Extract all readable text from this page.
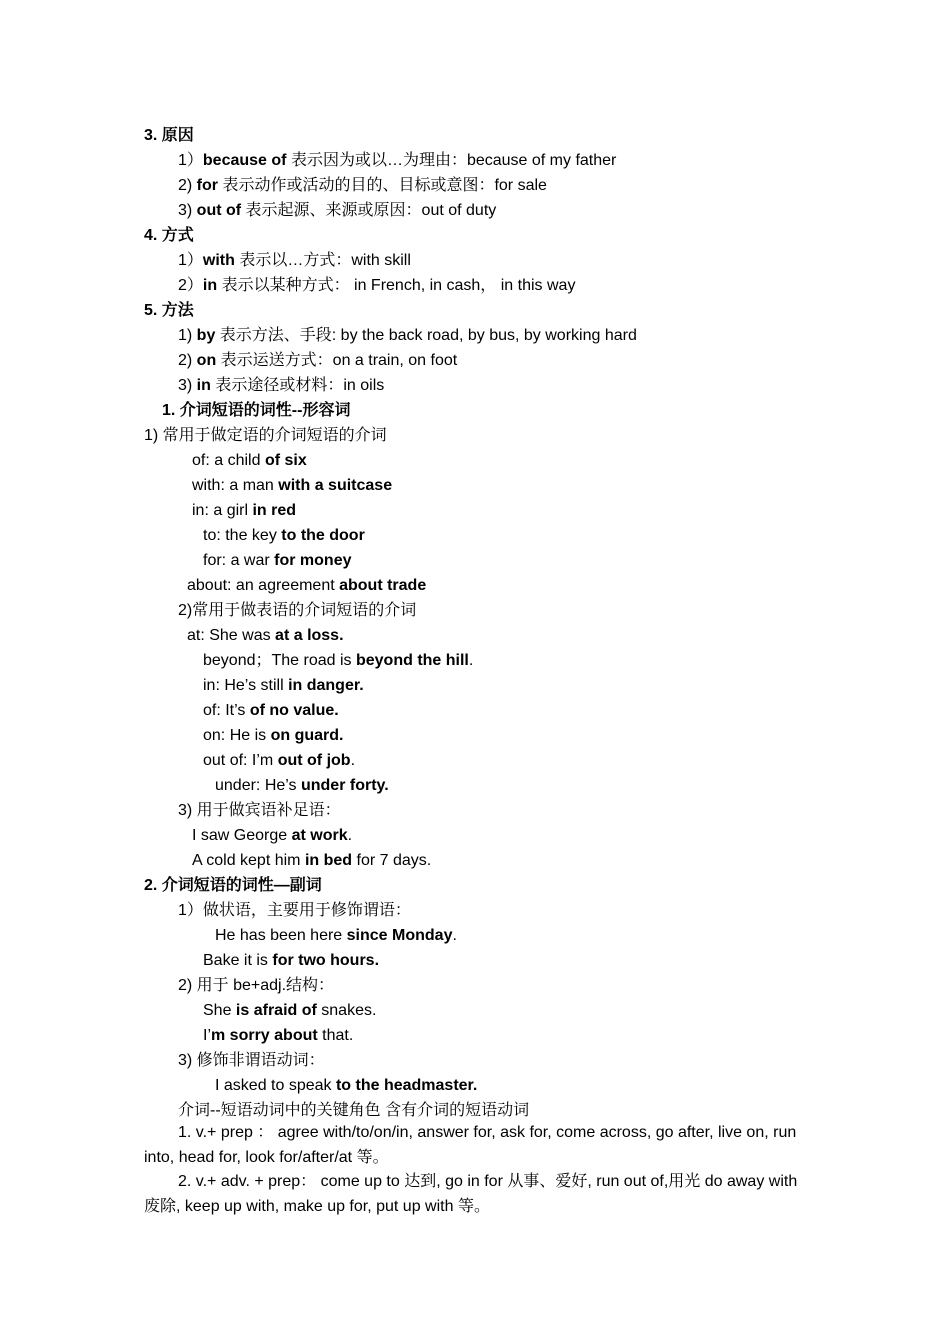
3. 原因
1）because of 表示因为或以…为理由：because of my father
2) for 表示动作或活动的目的、目标或意图：for sale
3) out of 表示起源、来源或原因：out of duty
4. 方式
1）with 表示以…方式：with skill
2）in 表示以某种方式： in French, in cash， in this way
5. 方法
1) by 表示方法、手段: by the back road, by bus, by working hard
2) on 表示运送方式：on a train, on foot
3) in 表示途径或材料：in oils
1. 介词短语的词性--形容词
1) 常用于做定语的介词短语的介词
of: a child of six
with: a man with a suitcase
in: a girl in red
to: the key to the door
for: a war for money
about: an agreement about trade
2)常用于做表语的介词短语的介词
at: She was at a loss.
beyond；The road is beyond the hill.
in: He’s still in danger.
of: It’s of no value.
on: He is on guard.
out of: I’m out of job.
under: He’s under forty.
3) 用于做宾语补足语：
I saw George at work.
A cold kept him in bed for 7 days.
2. 介词短语的词性—副词
1）做状语，主要用于修饰谓语：
He has been here since Monday.
Bake it is for two hours.
2) 用于 be+adj.结构：
She is afraid of snakes.
I’m sorry about that.
3) 修饰非谓语动词：
I asked to speak to the headmaster.
介词--短语动词中的关键角色 含有介词的短语动词
1. v.+ prep ： agree with/to/on/in, answer for, ask for, come across, go after, live on, run into, head for, look for/after/at 等。
2. v.+ adv. + prep： come up to 达到, go in for 从事、爱好, run out of,用光 do away with 废除, keep up with, make up for, put up with 等。
